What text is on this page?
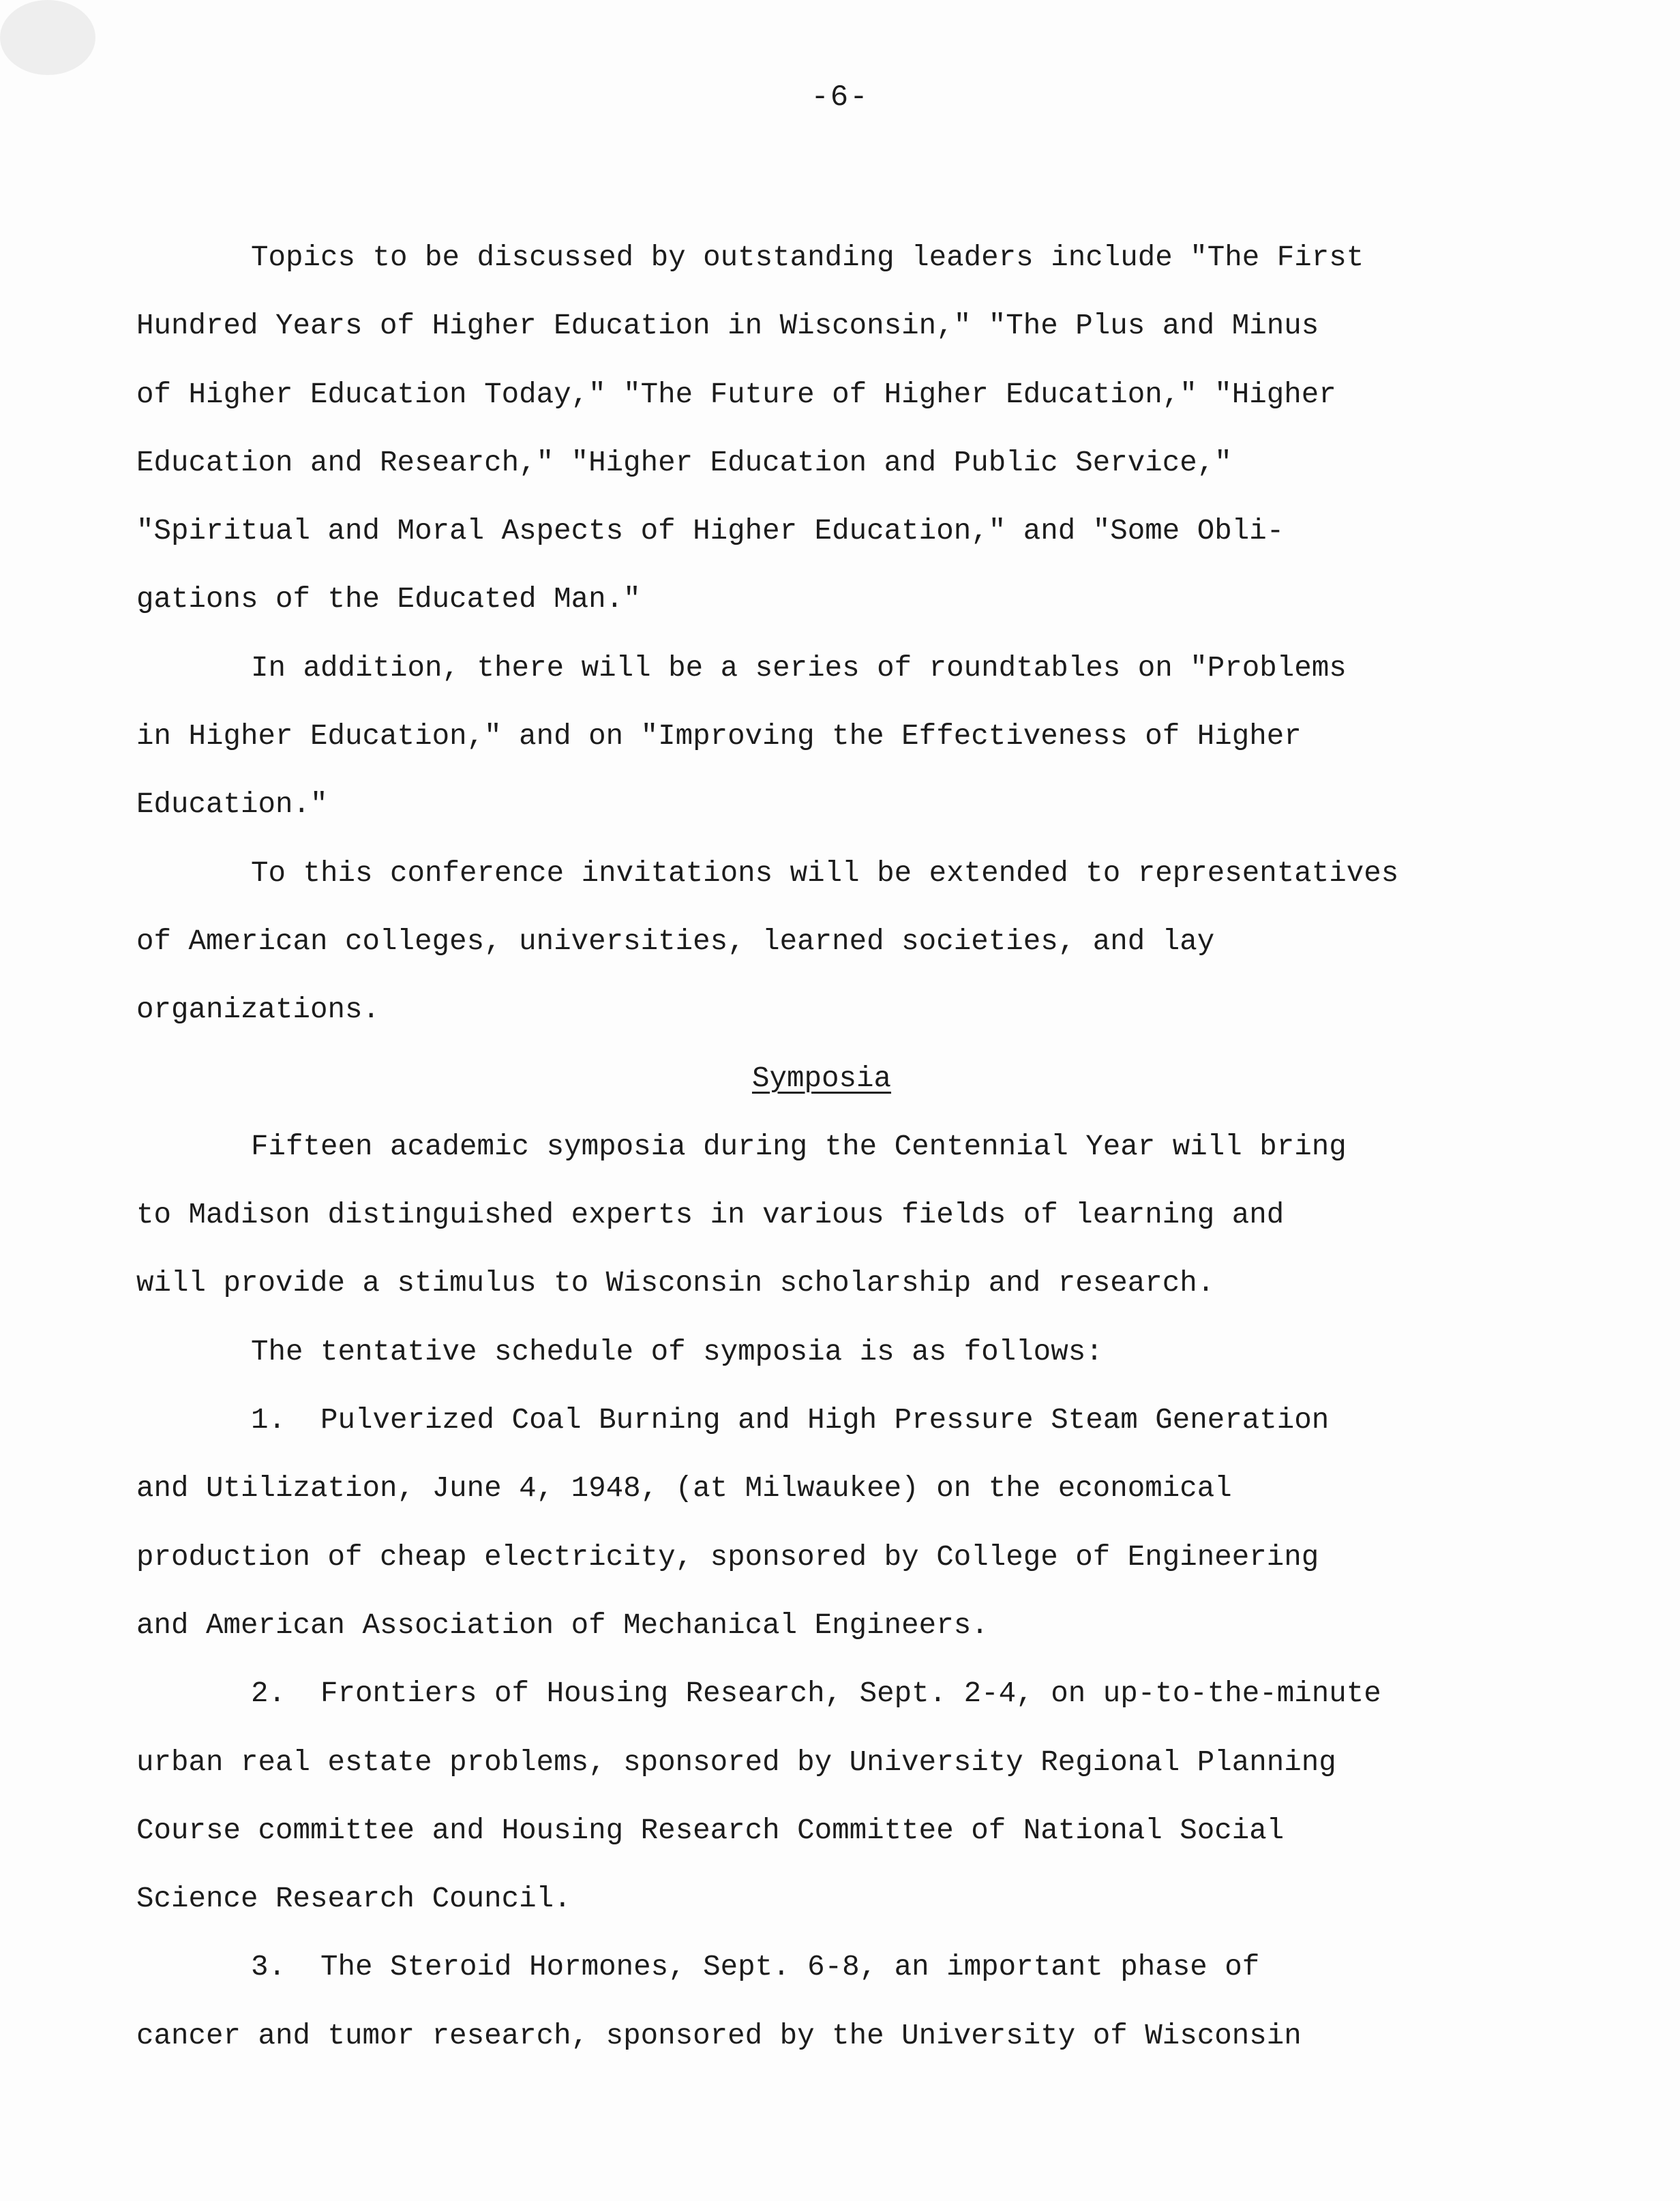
-6-

Topics to be discussed by outstanding leaders include "The First
Hundred Years of Higher Education in Wisconsin," "The Plus and Minus
of Higher Education Today," "The Future of Higher Education," "Higher
Education and Research," "Higher Education and Public Service,"
"Spiritual and Moral Aspects of Higher Education," and "Some Obli-
gations of the Educated Man."

In addition, there will be a series of roundtables on "Problems
in Higher Education," and on "Improving the Effectiveness of Higher
Education."

To this conference invitations will be extended to representatives
of American colleges, universities, learned societies, and lay
organizations.

Symposia

Fifteen academic symposia during the Centennial Year will bring
to Madison distinguished experts in various fields of learning and
will provide a stimulus to Wisconsin scholarship and research.

The tentative schedule of symposia is as follows:

1.  Pulverized Coal Burning and High Pressure Steam Generation
and Utilization, June 4, 1948, (at Milwaukee) on the economical
production of cheap electricity, sponsored by College of Engineering
and American Association of Mechanical Engineers.

2.  Frontiers of Housing Research, Sept. 2-4, on up-to-the-minute
urban real estate problems, sponsored by University Regional Planning
Course committee and Housing Research Committee of National Social
Science Research Council.

3.  The Steroid Hormones, Sept. 6-8, an important phase of
cancer and tumor research, sponsored by the University of Wisconsin
